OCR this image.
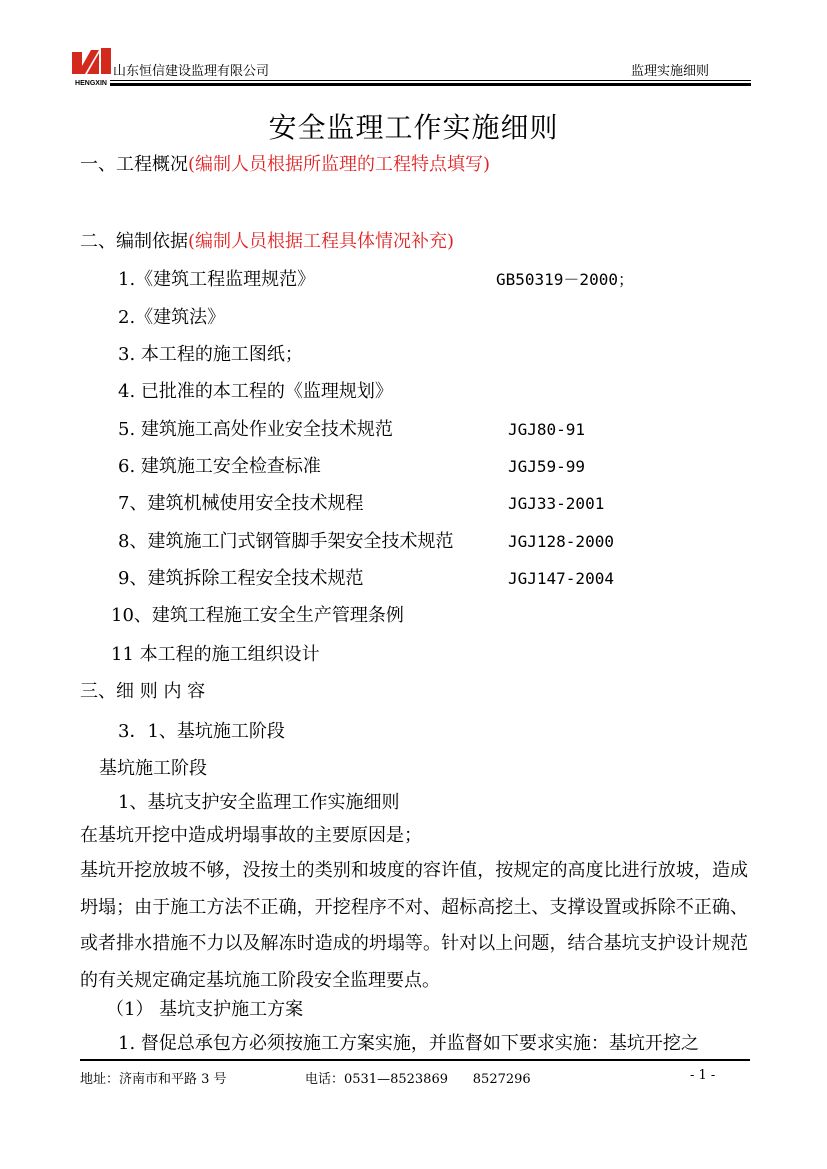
HENGXIN
山东恒信建设监理有限公司	监理实施细则
安全监理工作实施细则
一、工程概况(编制人员根据所监理的工程特点填写)
二、编制依据(编制人员根据工程具体情况补充)
1.《建筑工程监理规范》	GB50319－2000；
2.《建筑法》
3. 本工程的施工图纸；
4. 已批准的本工程的《监理规划》
5. 建筑施工高处作业安全技术规范	JGJ80-91
6. 建筑施工安全检查标准	JGJ59-99
7、建筑机械使用安全技术规程	JGJ33-2001
8、建筑施工门式钢管脚手架安全技术规范	JGJ128-2000
9、建筑拆除工程安全技术规范	JGJ147-2004
10、建筑工程施工安全生产管理条例
11 本工程的施工组织设计
三、细 则 内 容
3．1、基坑施工阶段
基坑施工阶段
1、基坑支护安全监理工作实施细则
在基坑开挖中造成坍塌事故的主要原因是；
基坑开挖放坡不够，没按土的类别和坡度的容许值，按规定的高度比进行放坡，造成坍塌；由于施工方法不正确，开挖程序不对、超标高挖土、支撑设置或拆除不正确、或者排水措施不力以及解冻时造成的坍塌等。针对以上问题，结合基坑支护设计规范的有关规定确定基坑施工阶段安全监理要点。
（1） 基坑支护施工方案
1. 督促总承包方必须按施工方案实施，并监督如下要求实施：基坑开挖之
地址：济南市和平路 3 号	电话：0531—8523869      8527296	- 1 -
